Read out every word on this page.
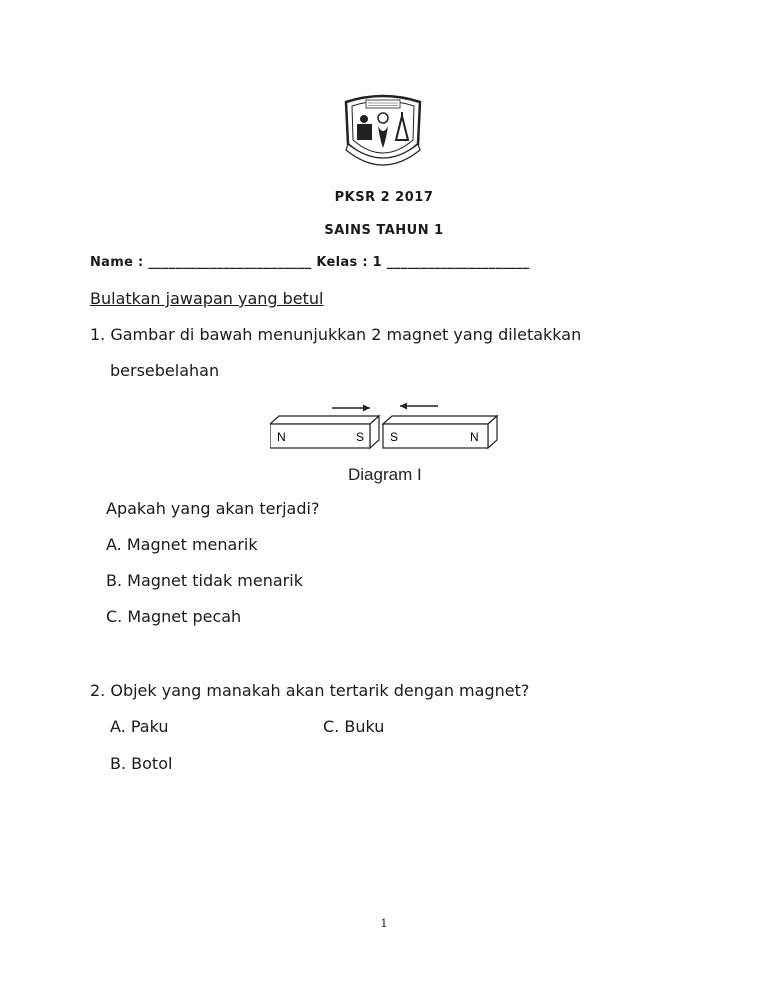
PKSR 2 2017
SAINS TAHUN 1
Name : ________________________ Kelas : 1 _____________________
Bulatkan jawapan yang betul
1. Gambar di bawah menunjukkan 2 magnet yang diletakkan
bersebelahan
N	S S	N
Diagram I
Apakah yang akan terjadi?
A. Magnet menarik
B. Magnet tidak menarik
C. Magnet pecah
2. Objek yang manakah akan tertarik dengan magnet?
A. Paku	C. Buku
B. Botol
1
